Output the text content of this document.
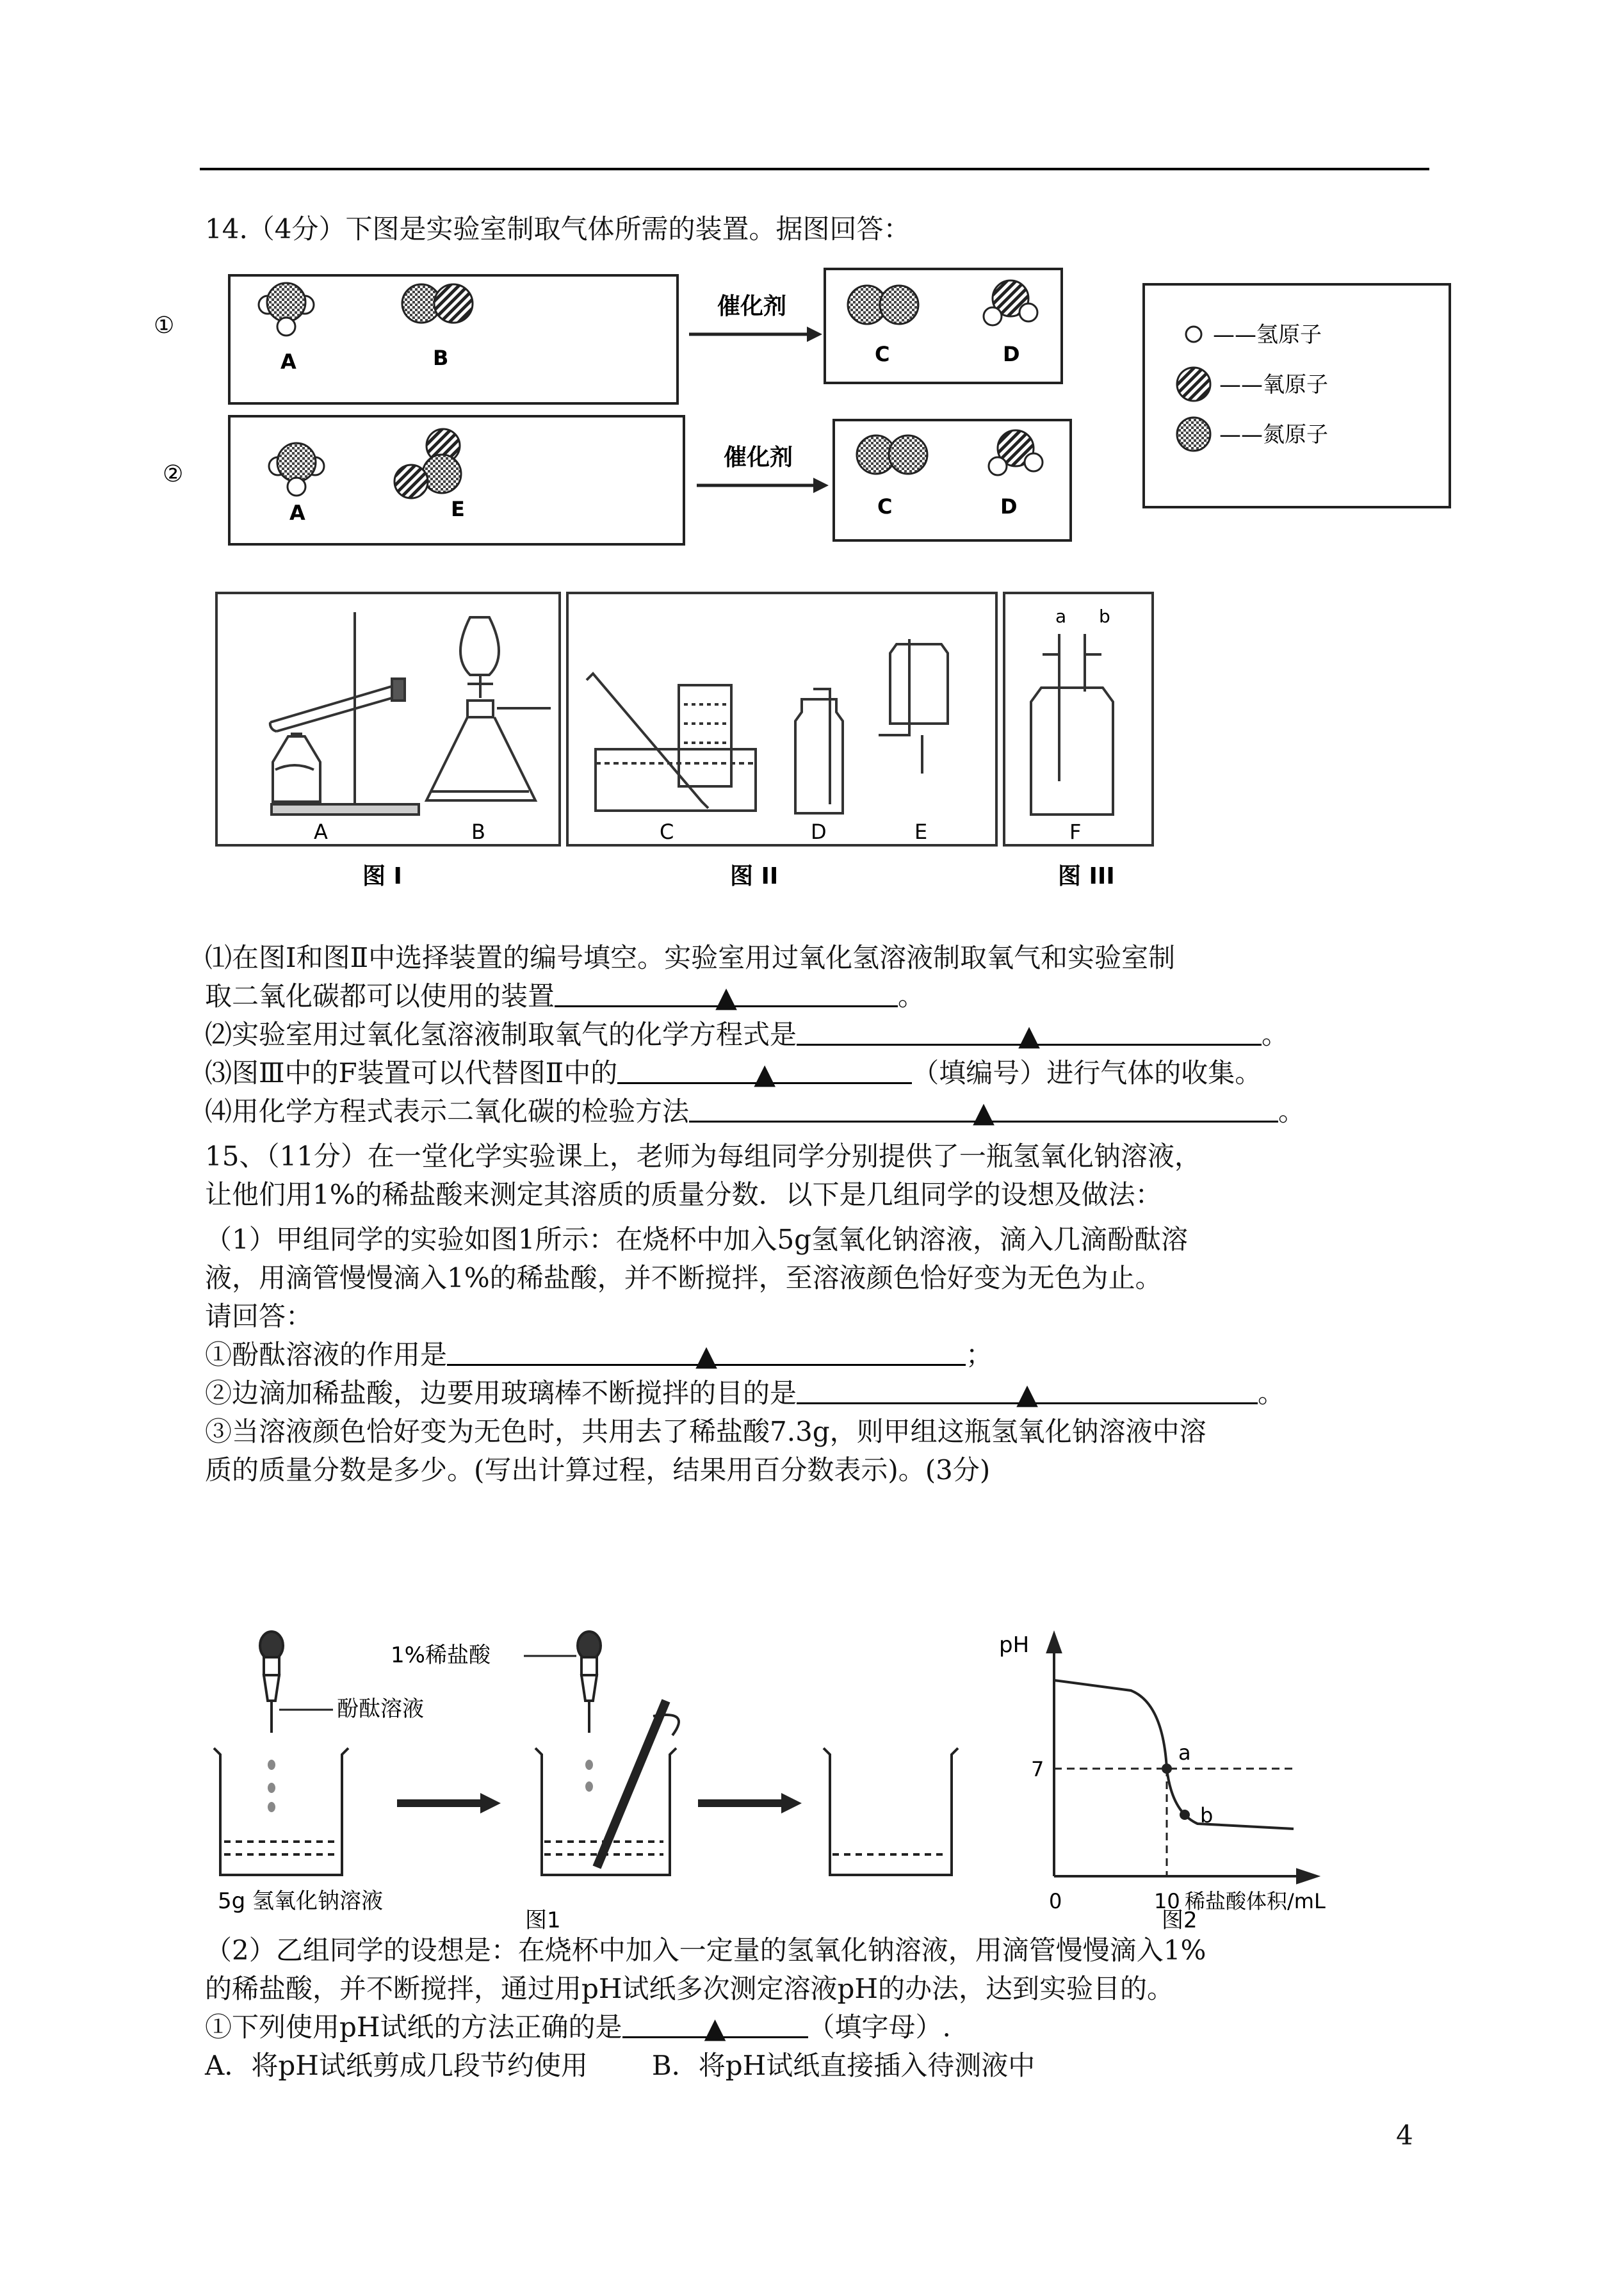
14.（4分）下图是实验室制取气体所需的装置。据图回答：
①
A	B
催化剂
C	D
②
A	E
催化剂
C	D
——氢原子
——氧原子
——氮原子
A	B	C	D	E
a b
F
图 I	图 II	图 III
⑴在图Ⅰ和图Ⅱ中选择装置的编号填空。实验室用过氧化氢溶液制取氧气和实验室制
取二氧化碳都可以使用的装置	▲	。
⑵实验室用过氧化氢溶液制取氧气的化学方程式是	▲	。
⑶图Ⅲ中的F装置可以代替图Ⅱ中的	▲	（填编号）进行气体的收集。
⑷用化学方程式表示二氧化碳的检验方法	▲	。
15、（11分）在一堂化学实验课上，老师为每组同学分别提供了一瓶氢氧化钠溶液，
让他们用1%的稀盐酸来测定其溶质的质量分数．以下是几组同学的设想及做法：
（1）甲组同学的实验如图1所示：在烧杯中加入5g氢氧化钠溶液，滴入几滴酚酞溶
液，用滴管慢慢滴入1%的稀盐酸，并不断搅拌，至溶液颜色恰好变为无色为止。
请回答：
①酚酞溶液的作用是	▲	；
②边滴加稀盐酸，边要用玻璃棒不断搅拌的目的是	▲	。
③当溶液颜色恰好变为无色时，共用去了稀盐酸7.3g，则甲组这瓶氢氧化钠溶液中溶
质的质量分数是多少。(写出计算过程，结果用百分数表示)。(3分)
酚酞溶液
5g 氢氧化钠溶液
1%稀盐酸
图1
a
b
pH
7
0	10 稀盐酸体积/mL
图2
（2）乙组同学的设想是：在烧杯中加入一定量的氢氧化钠溶液，用滴管慢慢滴入1%
的稀盐酸，并不断搅拌，通过用pH试纸多次测定溶液pH的办法，达到实验目的。
①下列使用pH试纸的方法正确的是	▲	（填字母）.
A．将pH试纸剪成几段节约使用 B．将pH试纸直接插入待测液中
4
